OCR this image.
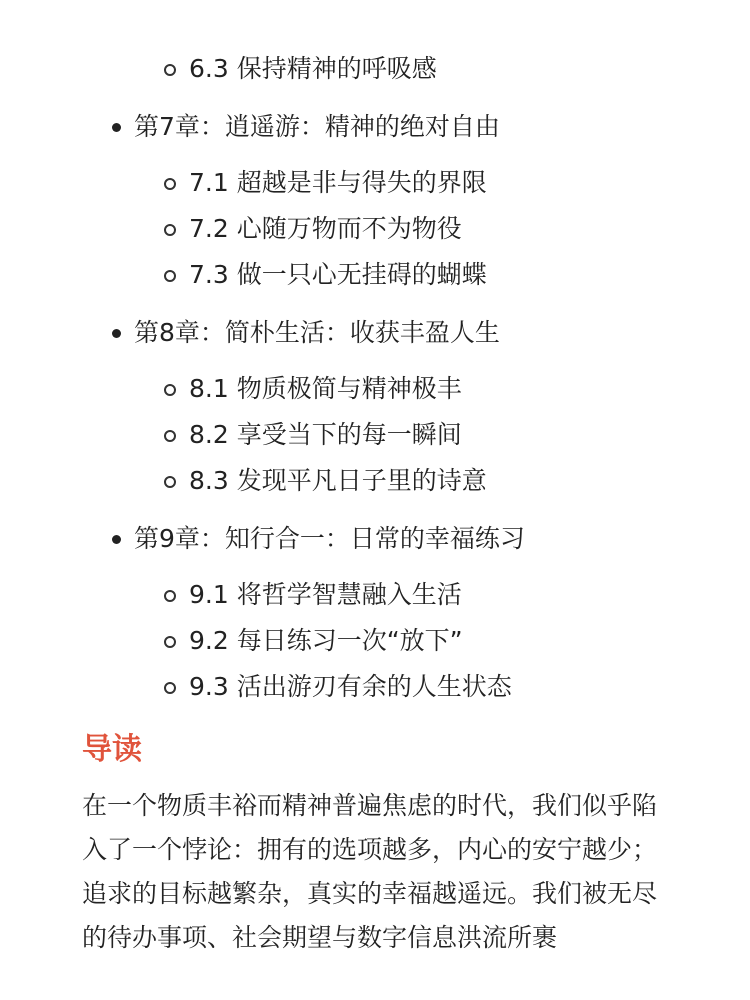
6.3 保持精神的呼吸感
第7章：逍遥游：精神的绝对自由
7.1 超越是非与得失的界限
7.2 心随万物而不为物役
7.3 做一只心无挂碍的蝴蝶
第8章：简朴生活：收获丰盈人生
8.1 物质极简与精神极丰
8.2 享受当下的每一瞬间
8.3 发现平凡日子里的诗意
第9章：知行合一：日常的幸福练习
9.1 将哲学智慧融入生活
9.2 每日练习一次“放下”
9.3 活出游刃有余的人生状态
导读
在一个物质丰裕而精神普遍焦虑的时代，我们似乎陷入了一个悖论：拥有的选项越多，内心的安宁越少；追求的目标越繁杂，真实的幸福越遥远。我们被无尽的待办事项、社会期望与数字信息洪流所裹
